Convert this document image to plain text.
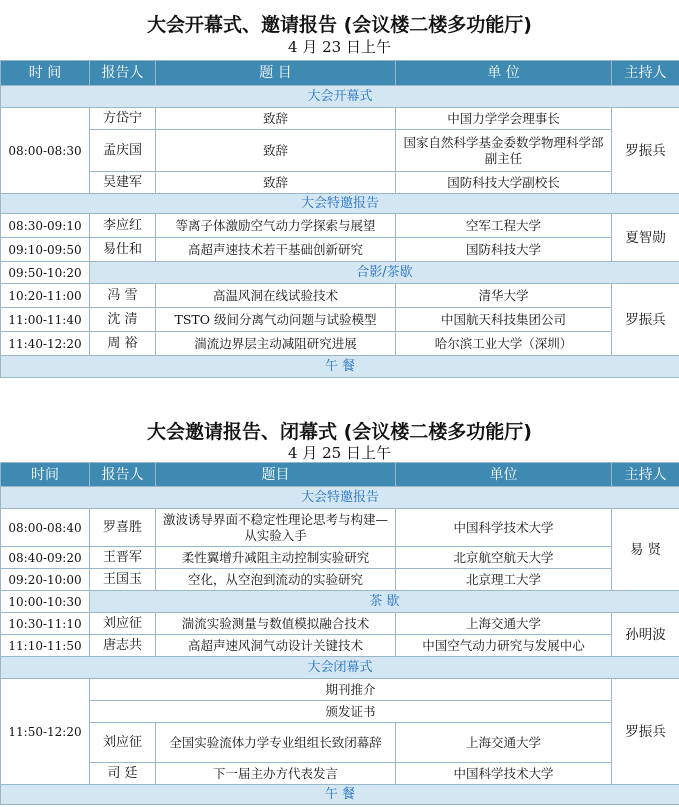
大会开幕式、邀请报告 (会议楼二楼多功能厅)
4 月 23 日上午
时 间	报告人	题 目	单 位	主持人
大会开幕式				
08:00-08:30	方岱宁	致辞	中国力学学会理事长	罗振兵
	孟庆国	致辞	国家自然科学基金委数学物理科学部副主任	
	吴建军	致辞	国防科技大学副校长	
大会特邀报告				
08:30-09:10	李应红	等离子体激励空气动力学探索与展望	空军工程大学	夏智勋
09:10-09:50	易仕和	高超声速技术若干基础创新研究	国防科技大学	
09:50-10:20	合影/茶歇			
10:20-11:00	冯 雪	高温风洞在线试验技术	清华大学	罗振兵
11:00-11:40	沈 清	TSTO 级间分离气动问题与试验模型	中国航天科技集团公司	
11:40-12:20	周 裕	湍流边界层主动减阻研究进展	哈尔滨工业大学（深圳）	
午 餐				
大会邀请报告、闭幕式 (会议楼二楼多功能厅)
4 月 25 日上午
时间	报告人	题目	单位	主持人
大会特邀报告				
08:00-08:40	罗喜胜	激波诱导界面不稳定性理论思考与构建—从实验入手	中国科学技术大学	易 贤
08:40-09:20	王晋军	柔性翼增升减阻主动控制实验研究	北京航空航天大学	
09:20-10:00	王国玉	空化，从空泡到流动的实验研究	北京理工大学	
10:00-10:30	茶 歇			
10:30-11:10	刘应征	湍流实验测量与数值模拟融合技术	上海交通大学	孙明波
11:10-11:50	唐志共	高超声速风洞气动设计关键技术	中国空气动力研究与发展中心	
大会闭幕式				
11:50-12:20	期刊推介			罗振兵
	颁发证书			
	刘应征	全国实验流体力学专业组组长致闭幕辞	上海交通大学	
	司 廷	下一届主办方代表发言	中国科学技术大学	
午 餐				
